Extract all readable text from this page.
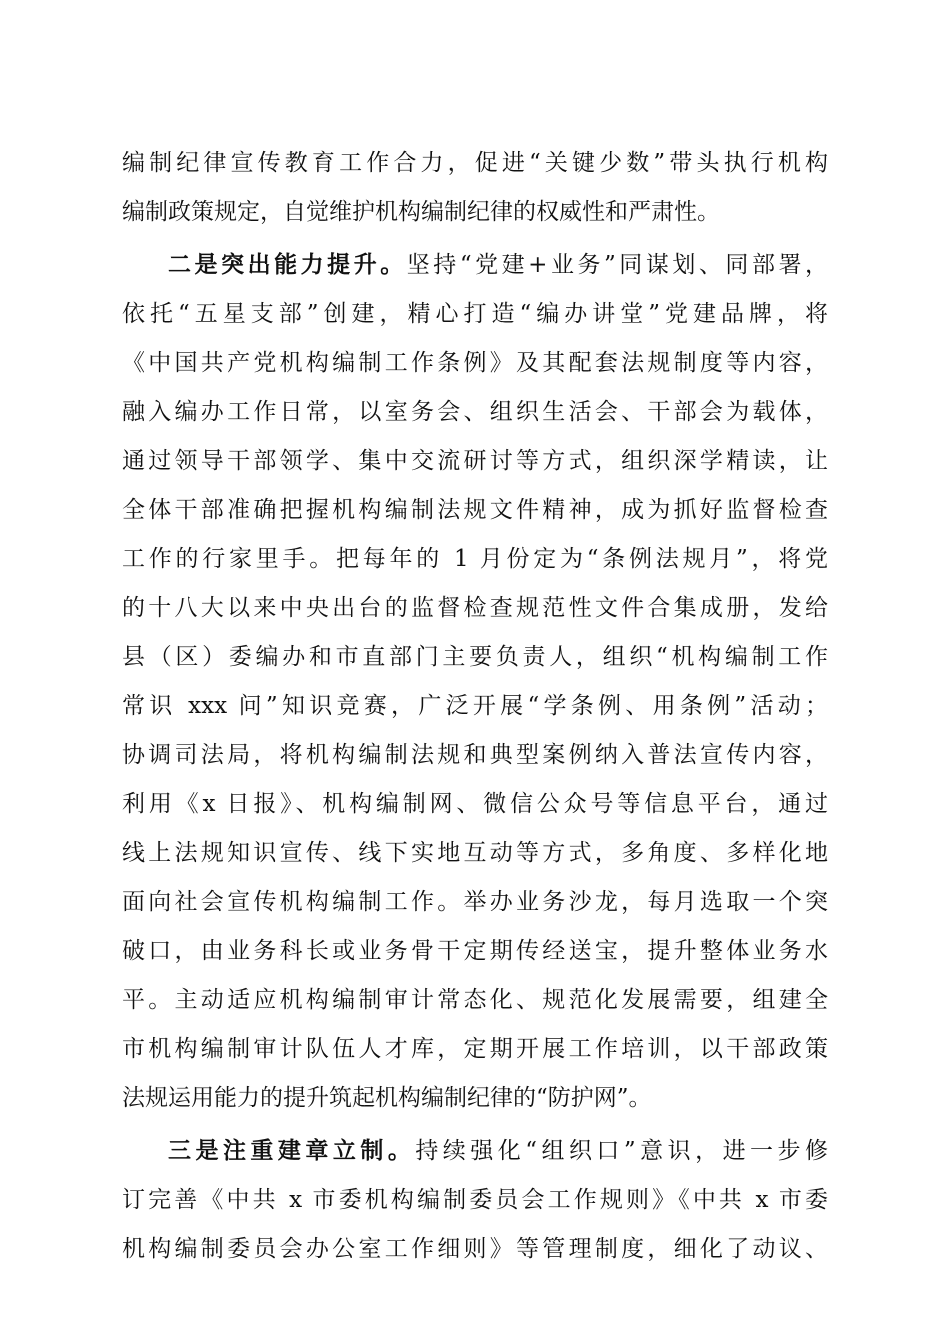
编制纪律宣传教育工作合力，促进“关键少数”带头执行机构
编制政策规定，自觉维护机构编制纪律的权威性和严肃性。
二是突出能力提升。坚持“党建+业务”同谋划、同部署，
依托“五星支部”创建，精心打造“编办讲堂”党建品牌，将
《中国共产党机构编制工作条例》及其配套法规制度等内容，
融入编办工作日常，以室务会、组织生活会、干部会为载体，
通过领导干部领学、集中交流研讨等方式，组织深学精读，让
全体干部准确把握机构编制法规文件精神，成为抓好监督检查
工作的行家里手。把每年的 1 月份定为“条例法规月”，将党
的十八大以来中央出台的监督检查规范性文件合集成册，发给
县（区）委编办和市直部门主要负责人，组织“机构编制工作
常识 xxx 问”知识竞赛，广泛开展“学条例、用条例”活动；
协调司法局，将机构编制法规和典型案例纳入普法宣传内容，
利用《x 日报》、机构编制网、微信公众号等信息平台，通过
线上法规知识宣传、线下实地互动等方式，多角度、多样化地
面向社会宣传机构编制工作。举办业务沙龙，每月选取一个突
破口，由业务科长或业务骨干定期传经送宝，提升整体业务水
平。主动适应机构编制审计常态化、规范化发展需要，组建全
市机构编制审计队伍人才库，定期开展工作培训，以干部政策
法规运用能力的提升筑起机构编制纪律的“防护网”。
三是注重建章立制。持续强化“组织口”意识，进一步修
订完善《中共 x 市委机构编制委员会工作规则》《中共 x 市委
机构编制委员会办公室工作细则》等管理制度，细化了动议、
